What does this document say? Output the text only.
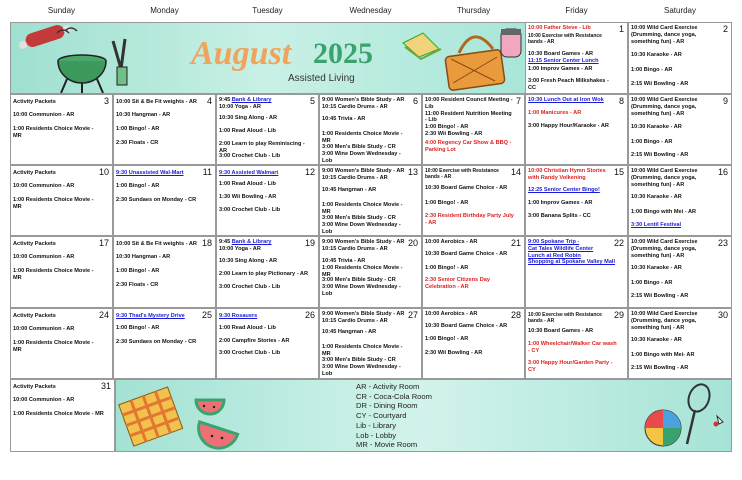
Sunday	Monday	Tuesday	Wednesday	Thursday	Friday	Saturday
August 2025
Assisted Living
1
10:00 Father Steve - Lib
10:00 Exercise with Resistance bands - AR
10:30 Board Games - AR
11:15 Senior Center Lunch
1:00 Improv Games - AR
3:00 Fresh Peach Milkshakes - CC
2
10:00 Wild Card Exercise (Drumming, dance yoga, something fun) - AR
10:30 Karaoke - AR
1:00 Bingo - AR
2:15 Wii Bowling - AR
3
Activity Packets
10:00 Communion - AR
1:00 Residents Choice Movie - MR
4
10:00 Sit & Be Fit weights - AR
10:30 Hangman - AR
1:00 Bingo! - AR
2:30 Floats - CR
5
9:45 Bank & Library
10:00 Yoga - AR
10:30 Sing Along - AR
1:00 Read Aloud - Lib
2:00 Learn to play Reminiscing - AR
3:00 Crochet Club - Lib
6
9:00 Women's Bible Study - AR
10:15 Cardio Drums - AR
10:45 Trivia - AR
1:00 Residents Choice Movie - MR
3:00 Men's Bible Study - CR
3:00 Wine Down Wednesday - Lob
7
10:00 Resident Council Meeting - Lib
11:00 Resident Nutrition Meeting - Lib
1:00 Bingo! - AR
2:30 Wii Bowling - AR
4:00 Regency Car Show & BBQ - Parking Lot
8
10:30 Lunch Out at Iron Wok
1:00 Manicures - AR
3:00 Happy Hour/Karaoke - AR
9
10:00 Wild Card Exercise (Drumming, dance yoga, something fun) - AR
10:30 Karaoke - AR
1:00 Bingo - AR
2:15 Wii Bowling - AR
10
Activity Packets
10:00 Communion - AR
1:00 Residents Choice Movie - MR
11
9:30 Unassisted Wal-Mart
1:00 Bingo! - AR
2:30 Sundaes on Monday - CR
12
9:30 Assisted Walmart
1:00 Read Aloud - Lib
1:30 Wii Bowling - AR
3:00 Crochet Club - Lib
13
9:00 Women's Bible Study - AR
10:15 Cardio Drums - AR
10:45 Hangman - AR
1:00 Residents Choice Movie - MR
3:00 Men's Bible Study - CR
3:00 Wine Down Wednesday - Lob
14
10:00 Exercise with Resistance bands - AR
10:30 Board Game Choice - AR
1:00 Bingo! - AR
2:30 Resident Birthday Party July - AR
15
10:00 Christian Hymn Stories with Randy Volkening
12:25 Senior Center Bingo!
1:00 Improv Games - AR
3:00 Banana Splits - CC
16
10:00 Wild Card Exercise (Drumming, dance yoga, something fun) - AR
10:30 Karaoke - AR
1:00 Bingo with Mei - AR
3:30 Lentil Festival
17
Activity Packets
10:00 Communion - AR
1:00 Residents Choice Movie - MR
18
10:00 Sit & Be Fit weights - AR
10:30 Hangman - AR
1:00 Bingo! - AR
2:30 Floats - CR
19
9:45 Bank & Library
10:00 Yoga - AR
10:30 Sing Along - AR
2:00 Learn to play Pictionary - AR
3:00 Crochet Club - Lib
20
9:00 Women's Bible Study - AR
10:15 Cardio Drums - AR
10:45 Trivia - AR
1:00 Residents Choice Movie - MR
3:00 Men's Bible Study - CR
3:00 Wine Down Wednesday - Lob
21
10:00 Aerobics - AR
10:30 Board Game Choice - AR
1:00 Bingo! - AR
2:30 Senior Citizens Day Celebration - AR
22
9:00 Spokane Trip -
Cat Tales Wildlife Center
Lunch at Red Robin
Shopping at Spokane Valley Mall
23
10:00 Wild Card Exercise (Drumming, dance yoga, something fun) - AR
10:30 Karaoke - AR
1:00 Bingo - AR
2:15 Wii Bowling - AR
24
Activity Packets
10:00 Communion - AR
1:00 Residents Choice Movie - MR
25
9:30 Thad's Mystery Drive
1:00 Bingo! - AR
2:30 Sundaes on Monday - CR
26
9:30 Rosauers
1:00 Read Aloud - Lib
2:00 Campfire Stories - AR
3:00 Crochet Club - Lib
27
9:00 Women's Bible Study - AR
10:15 Cardio Drums - AR
10:45 Hangman - AR
1:00 Residents Choice Movie - MR
3:00 Men's Bible Study - CR
3:00 Wine Down Wednesday - Lob
28
10:00 Aerobics - AR
10:30 Board Game Choice - AR
1:00 Bingo! - AR
2:30 Wii Bowling - AR
29
10:00 Exercise with Resistance bands - AR
10:30 Board Games - AR
1:00 Wheelchair/Walker Car wash - CY
3:00 Happy Hour/Garden Party - CY
30
10:00 Wild Card Exercise (Drumming, dance yoga, something fun) - AR
10:30 Karaoke - AR
1:00 Bingo with Mei- AR
2:15 Wii Bowling - AR
31
Activity Packets
10:00 Communion - AR
1:00 Residents Choice Movie - MR
AR - Activity Room
CR - Coca-Cola Room
DR - Dining Room
CY - Courtyard
Lib - Library
Lob - Lobby
MR - Movie Room
